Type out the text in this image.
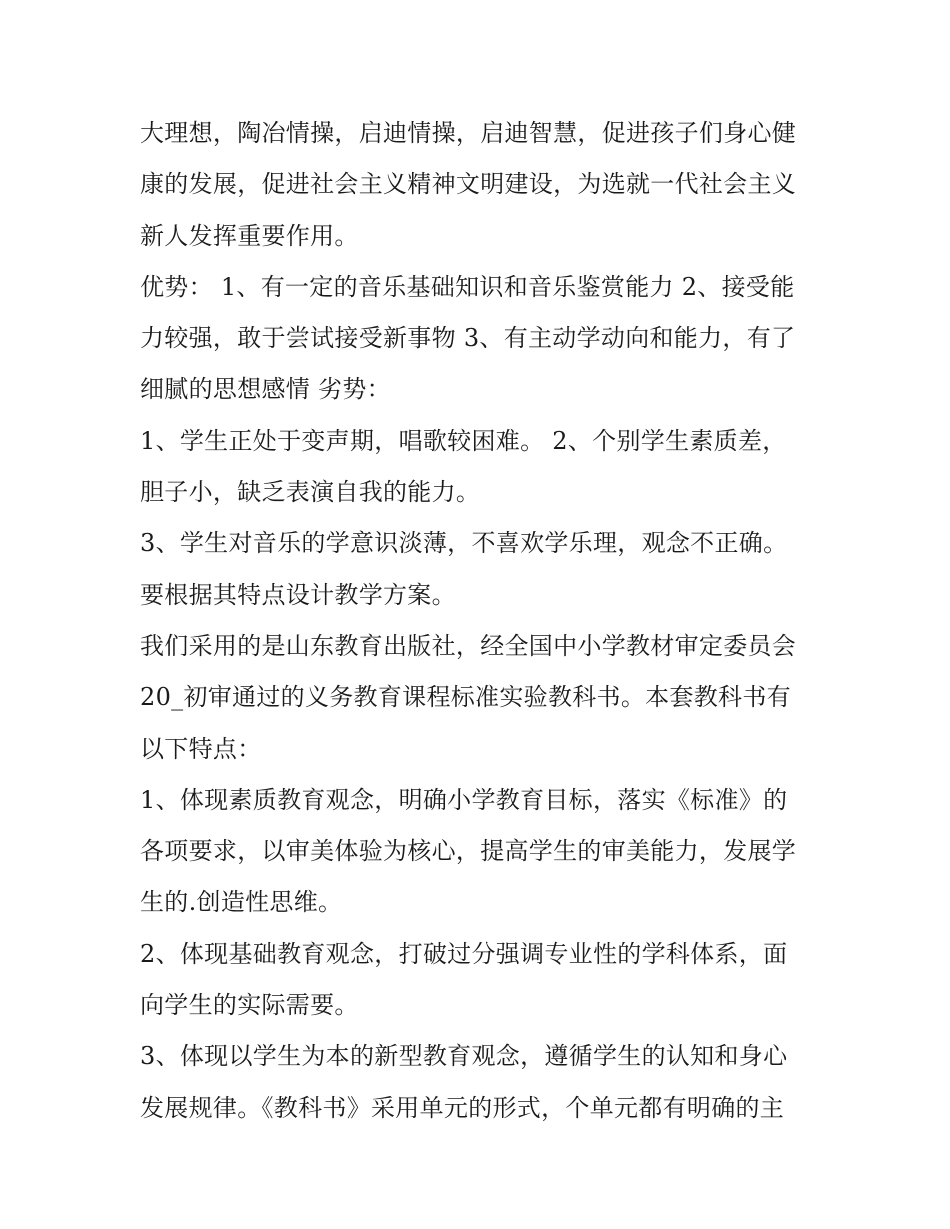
大理想，陶冶情操，启迪情操，启迪智慧，促进孩子们身心健
康的发展，促进社会主义精神文明建设，为选就一代社会主义
新人发挥重要作用。
优势： 1、有一定的音乐基础知识和音乐鉴赏能力 2、接受能
力较强，敢于尝试接受新事物 3、有主动学动向和能力，有了
细腻的思想感情 劣势：
1、学生正处于变声期，唱歌较困难。 2、个别学生素质差，
胆子小，缺乏表演自我的能力。
3、学生对音乐的学意识淡薄，不喜欢学乐理，观念不正确。
要根据其特点设计教学方案。
我们采用的是山东教育出版社，经全国中小学教材审定委员会
20_初审通过的义务教育课程标准实验教科书。本套教科书有
以下特点：
1、体现素质教育观念，明确小学教育目标，落实《标准》的
各项要求，以审美体验为核心，提高学生的审美能力，发展学
生的.创造性思维。
2、体现基础教育观念，打破过分强调专业性的学科体系，面
向学生的实际需要。
3、体现以学生为本的新型教育观念，遵循学生的认知和身心
发展规律。《教科书》采用单元的形式，个单元都有明确的主
